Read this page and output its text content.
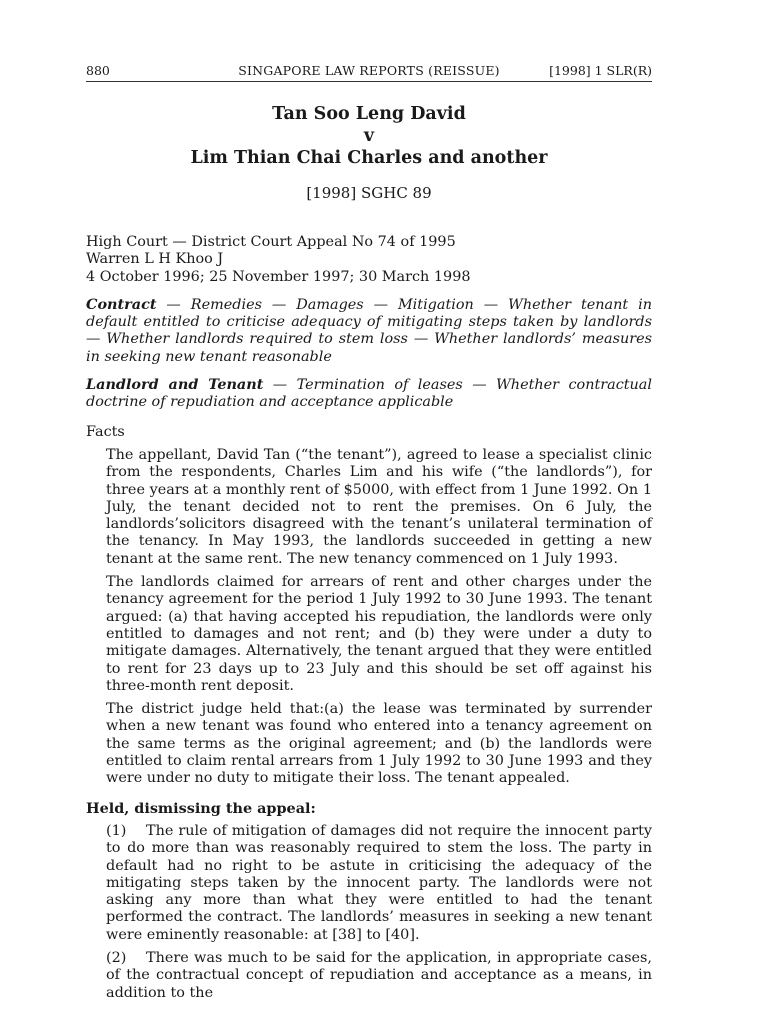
880	SINGAPORE LAW REPORTS (REISSUE)	[1998] 1 SLR(R)
Tan Soo Leng David
v
Lim Thian Chai Charles and another
[1998] SGHC 89
High Court — District Court Appeal No 74 of 1995
Warren L H Khoo J
4 October 1996; 25 November 1997; 30 March 1998
Contract — Remedies — Damages — Mitigation — Whether tenant in default entitled to criticise adequacy of mitigating steps taken by landlords — Whether landlords required to stem loss — Whether landlords’ measures in seeking new tenant reasonable
Landlord and Tenant — Termination of leases — Whether contractual doctrine of repudiation and acceptance applicable
Facts
The appellant, David Tan (“the tenant”), agreed to lease a specialist clinic from the respondents, Charles Lim and his wife (“the landlords”), for three years at a monthly rent of $5000, with effect from 1 June 1992. On 1 July, the tenant decided not to rent the premises. On 6 July, the landlords’solicitors disagreed with the tenant’s unilateral termination of the tenancy. In May 1993, the landlords succeeded in getting a new tenant at the same rent. The new tenancy commenced on 1 July 1993.
The landlords claimed for arrears of rent and other charges under the tenancy agreement for the period 1 July 1992 to 30 June 1993. The tenant argued: (a) that having accepted his repudiation, the landlords were only entitled to damages and not rent; and (b) they were under a duty to mitigate damages. Alternatively, the tenant argued that they were entitled to rent for 23 days up to 23 July and this should be set off against his three-month rent deposit.
The district judge held that:(a) the lease was terminated by surrender when a new tenant was found who entered into a tenancy agreement on the same terms as the original agreement; and (b) the landlords were entitled to claim rental arrears from 1 July 1992 to 30 June 1993 and they were under no duty to mitigate their loss. The tenant appealed.
Held, dismissing the appeal:
(1) The rule of mitigation of damages did not require the innocent party to do more than was reasonably required to stem the loss. The party in default had no right to be astute in criticising the adequacy of the mitigating steps taken by the innocent party. The landlords were not asking any more than what they were entitled to had the tenant performed the contract. The landlords’ measures in seeking a new tenant were eminently reasonable: at [38] to [40].
(2) There was much to be said for the application, in appropriate cases, of the contractual concept of repudiation and acceptance as a means, in addition to the
